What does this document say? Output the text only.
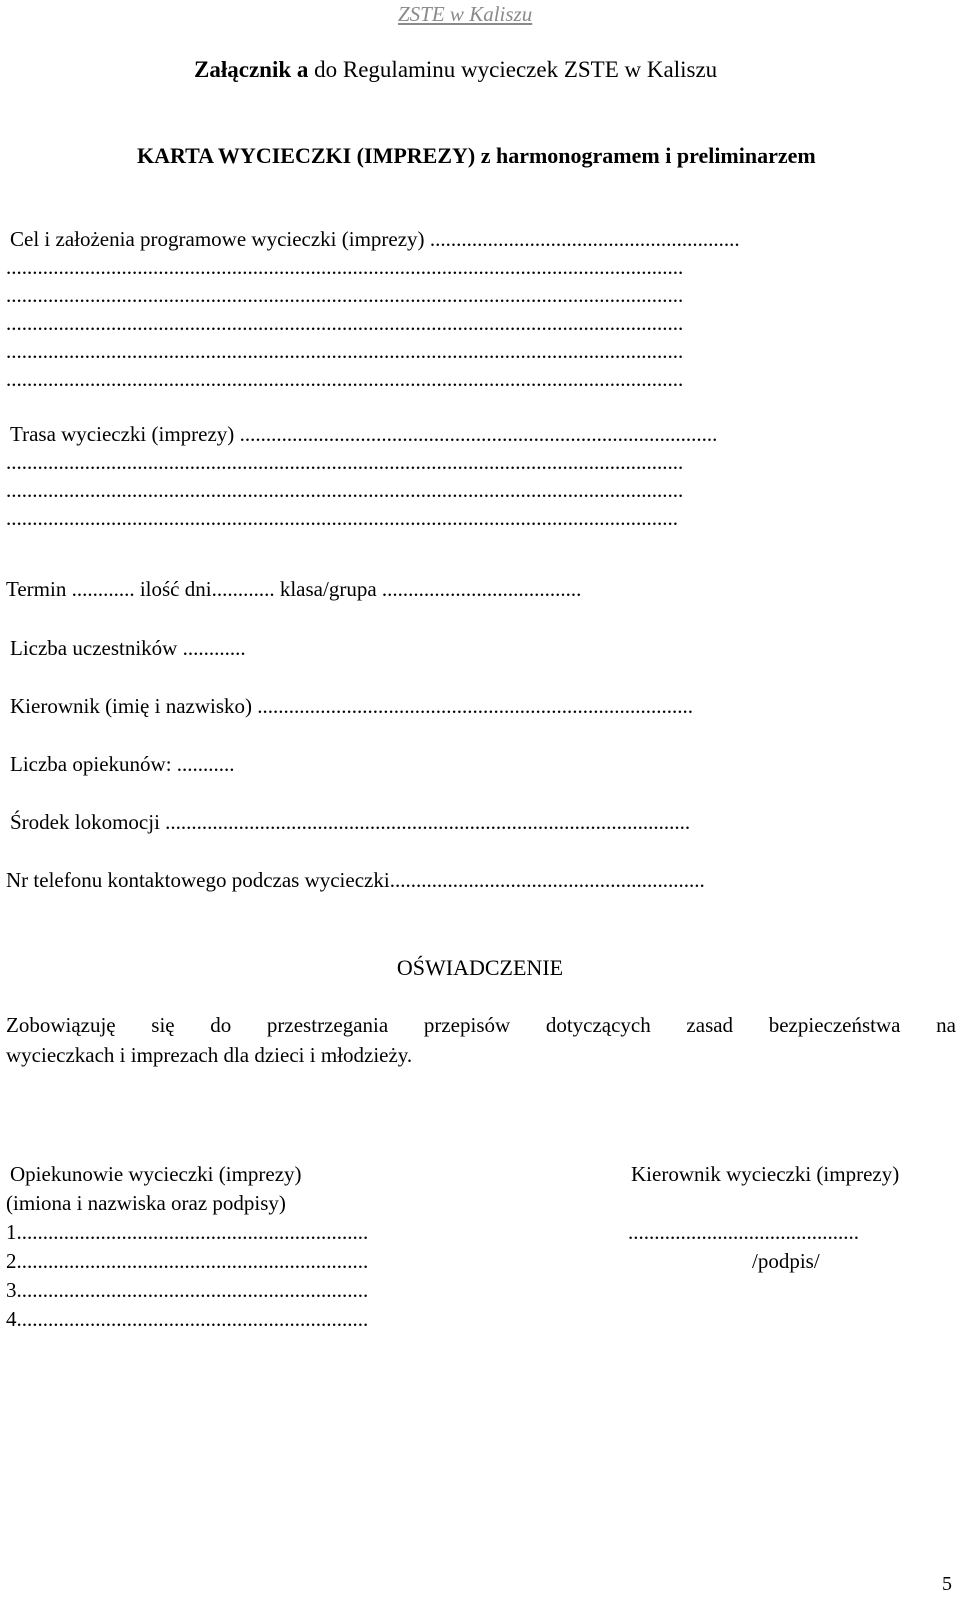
ZSTE w Kaliszu
Załącznik a do Regulaminu wycieczek ZSTE w Kaliszu
KARTA WYCIECZKI (IMPREZY) z harmonogramem i preliminarzem
Cel i założenia programowe wycieczki (imprezy) ...........................................................
.................................................................................................................................
.................................................................................................................................
.................................................................................................................................
.................................................................................................................................
.................................................................................................................................
Trasa wycieczki (imprezy) ...........................................................................................
.................................................................................................................................
.................................................................................................................................
................................................................................................................................
Termin ............ ilość dni............ klasa/grupa ......................................
Liczba uczestników ............
Kierownik (imię i nazwisko) ...................................................................................
Liczba opiekunów: ...........
Środek lokomocji ....................................................................................................
Nr telefonu kontaktowego podczas wycieczki............................................................
OŚWIADCZENIE
Zobowiązuję się do przestrzegania przepisów dotyczących zasad bezpieczeństwa na
wycieczkach i imprezach dla dzieci i młodzieży.
Opiekunowie wycieczki (imprezy)
(imiona i nazwiska oraz podpisy)
1...................................................................
2...................................................................
3...................................................................
4...................................................................
Kierownik wycieczki (imprezy)
............................................
/podpis/
5
